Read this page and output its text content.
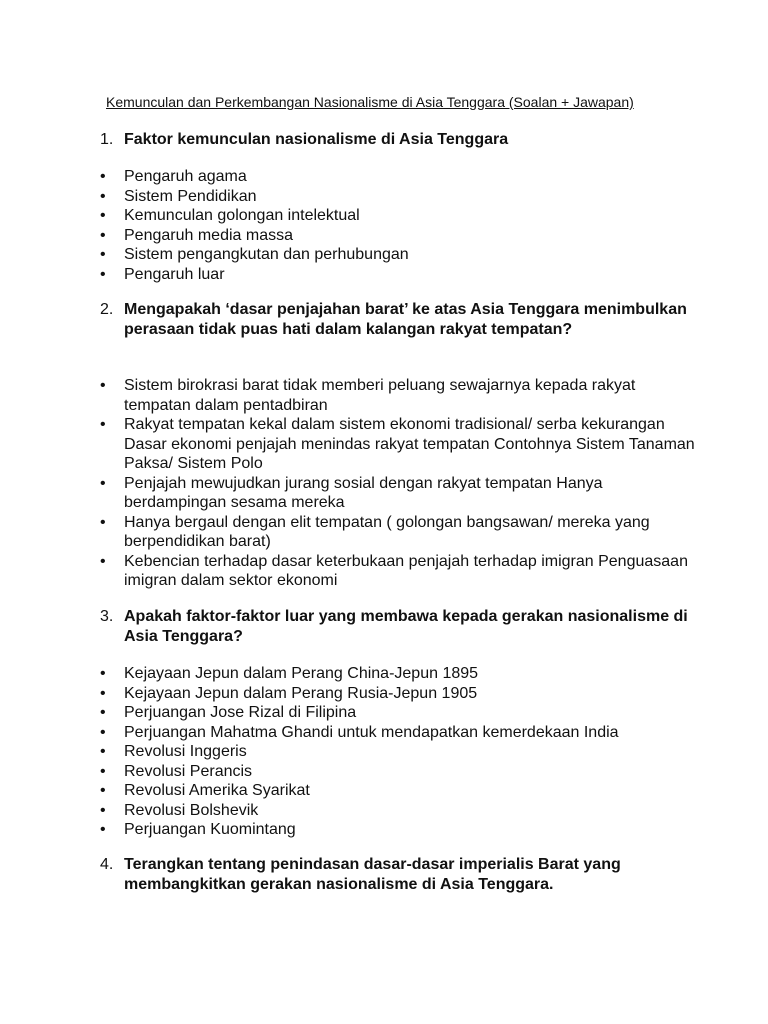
Kemunculan dan Perkembangan Nasionalisme di Asia Tenggara (Soalan + Jawapan)
1. Faktor kemunculan nasionalisme di Asia Tenggara
• Pengaruh agama
• Sistem Pendidikan
• Kemunculan golongan intelektual
• Pengaruh media massa
• Sistem pengangkutan dan perhubungan
• Pengaruh luar
2. Mengapakah ‘dasar penjajahan barat’ ke atas Asia Tenggara menimbulkan perasaan tidak puas hati dalam kalangan rakyat tempatan?
• Sistem birokrasi barat tidak memberi peluang sewajarnya kepada rakyat tempatan dalam pentadbiran
• Rakyat tempatan kekal dalam sistem ekonomi tradisional/ serba kekurangan Dasar ekonomi penjajah menindas rakyat tempatan Contohnya Sistem Tanaman Paksa/ Sistem Polo
• Penjajah mewujudkan jurang sosial dengan rakyat tempatan Hanya berdampingan sesama mereka
• Hanya bergaul dengan elit tempatan ( golongan bangsawan/ mereka yang berpendidikan barat)
• Kebencian terhadap dasar keterbukaan penjajah terhadap imigran Penguasaan imigran dalam sektor ekonomi
3. Apakah faktor-faktor luar yang membawa kepada gerakan nasionalisme di Asia Tenggara?
• Kejayaan Jepun dalam Perang China-Jepun 1895
• Kejayaan Jepun dalam Perang Rusia-Jepun 1905
• Perjuangan Jose Rizal di Filipina
• Perjuangan Mahatma Ghandi untuk mendapatkan kemerdekaan India
• Revolusi Inggeris
• Revolusi Perancis
• Revolusi Amerika Syarikat
• Revolusi Bolshevik
• Perjuangan Kuomintang
4. Terangkan tentang penindasan dasar-dasar imperialis Barat yang membangkitkan gerakan nasionalisme di Asia Tenggara.
